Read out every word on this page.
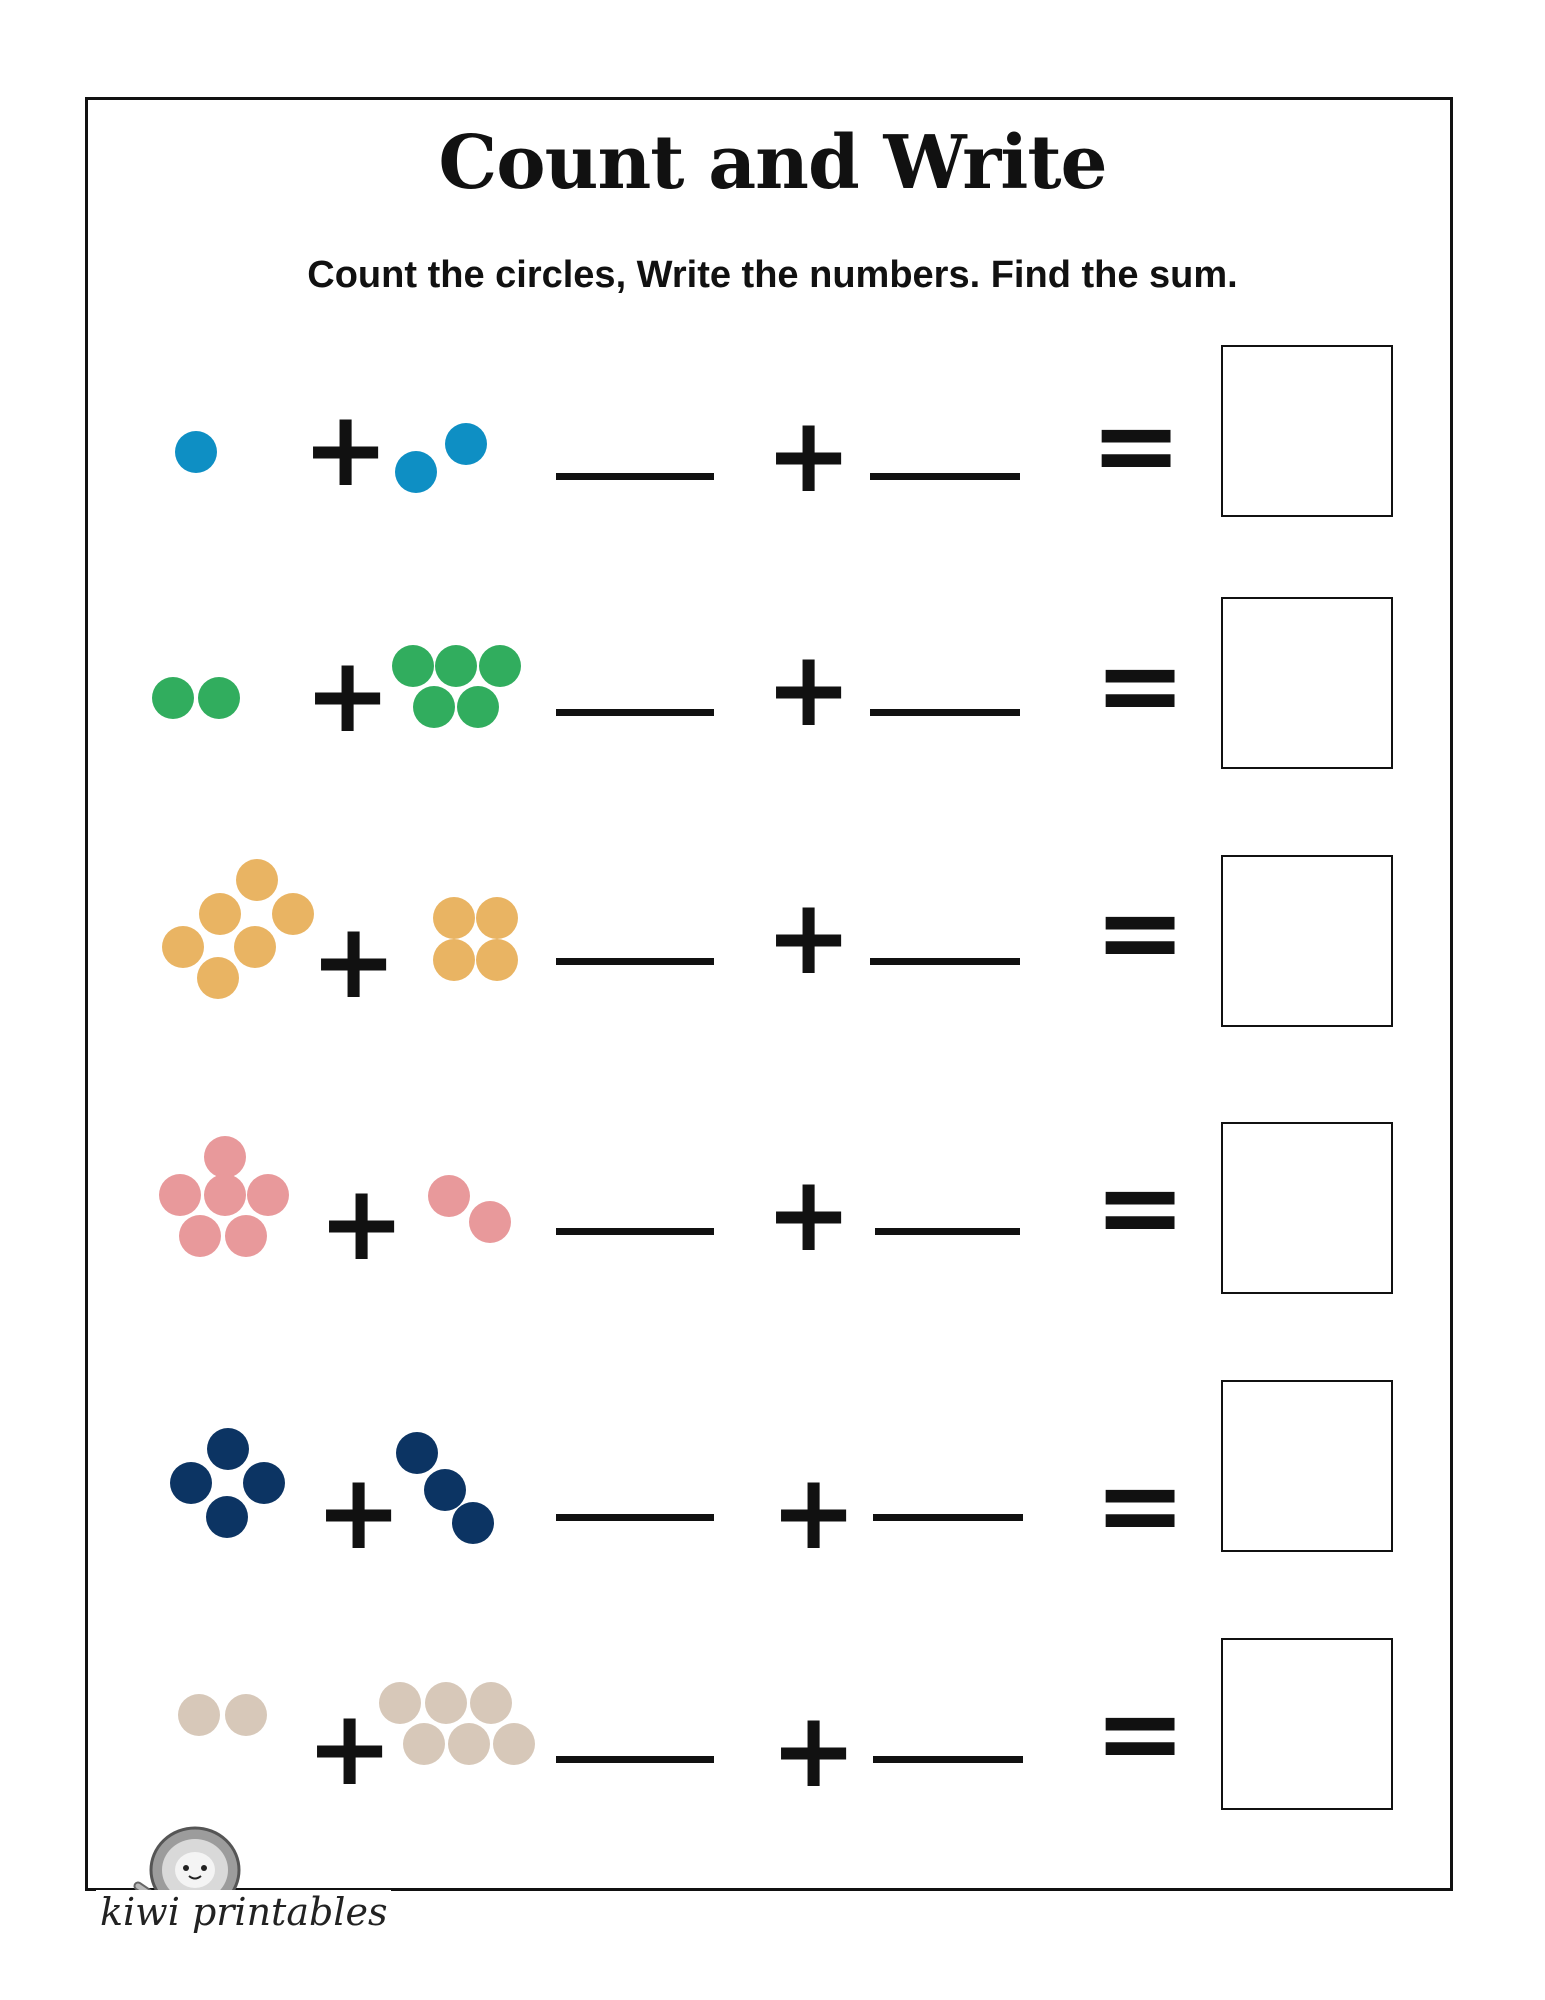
Count and Write
Count the circles, Write the numbers. Find the sum.
+	+ =
+	+ =
+	+ =
+	+ =
+	+ =
+	+ =
kiwi printables
